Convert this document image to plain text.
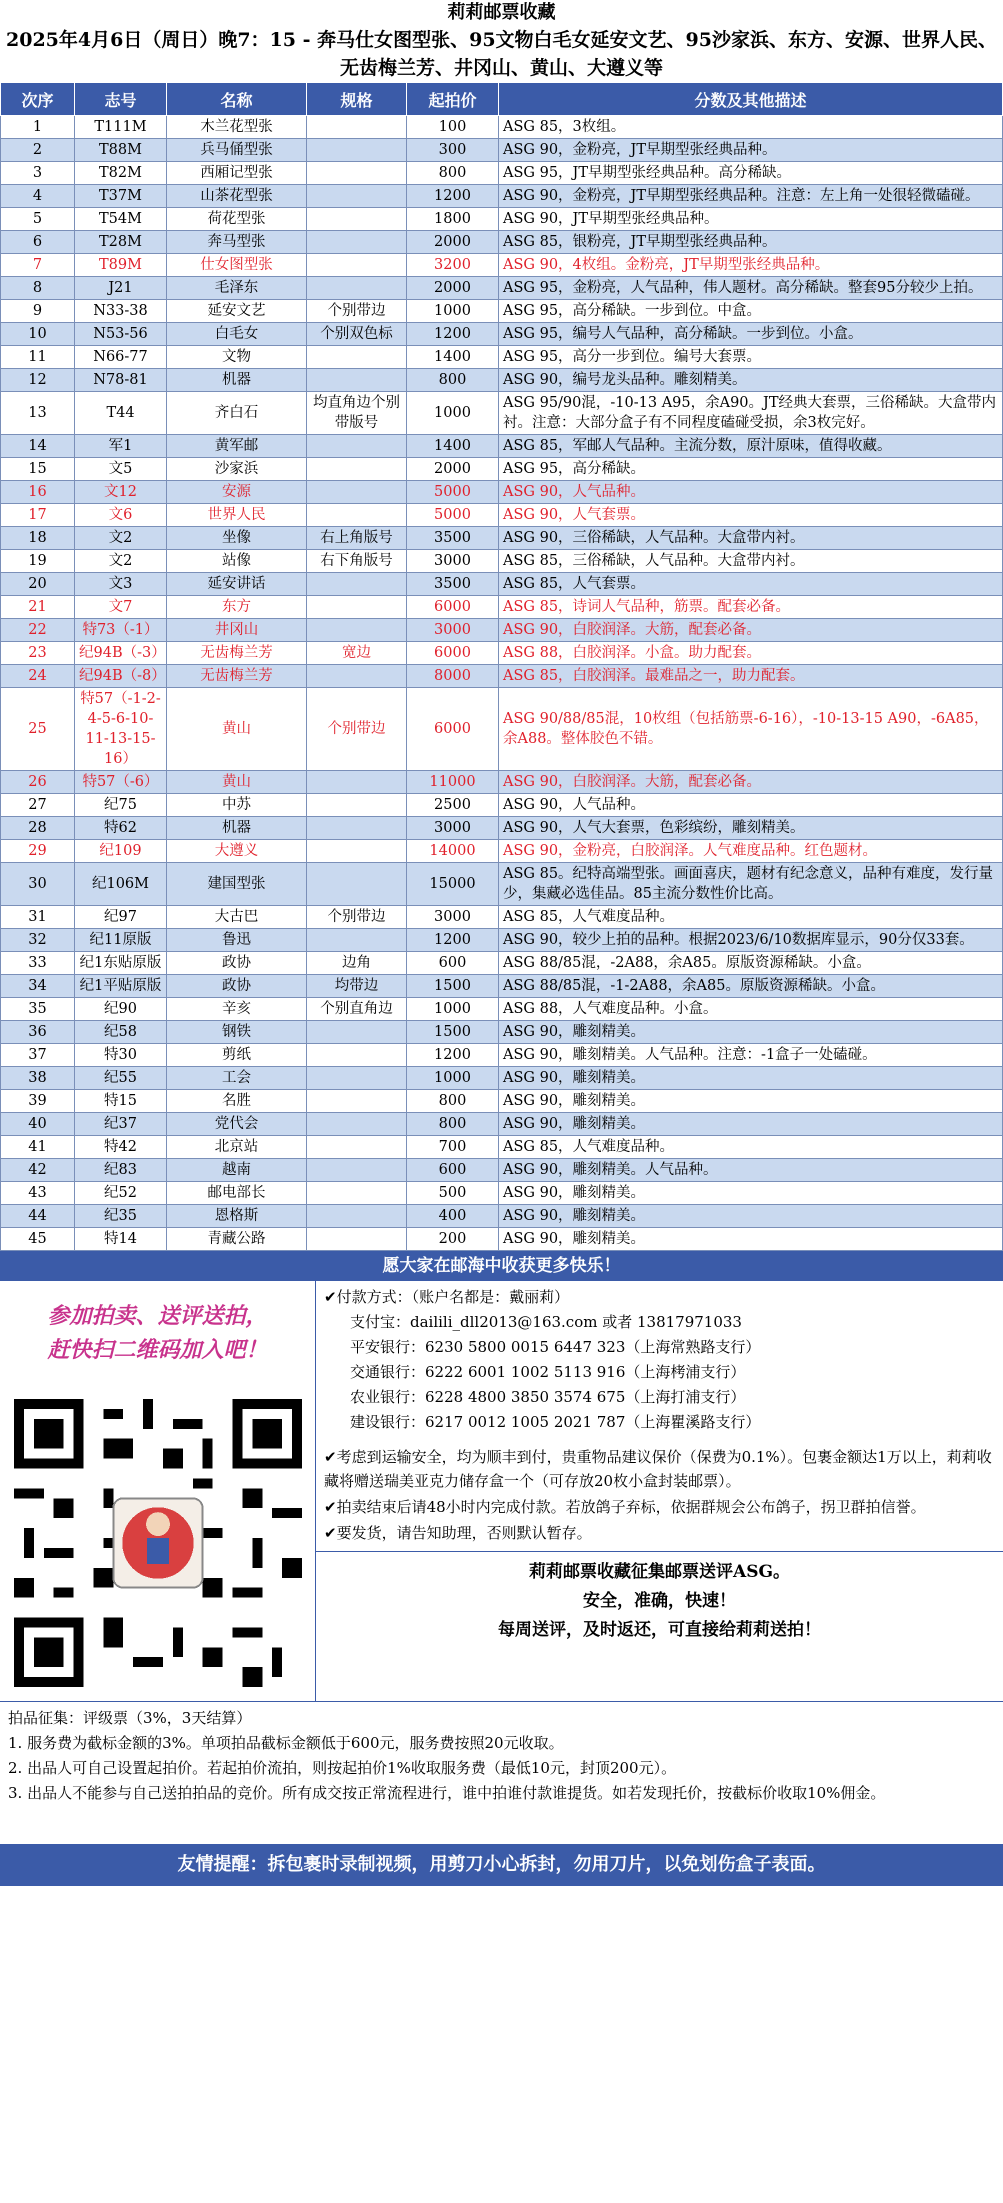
莉莉邮票收藏
2025年4月6日（周日）晚7：15 - 奔马仕女图型张、95文物白毛女延安文艺、95沙家浜、东方、安源、世界人民、无齿梅兰芳、井冈山、黄山、大遵义等
次序	志号	名称	规格	起拍价	分数及其他描述
1	T111M	木兰花型张		100	ASG 85，3枚组。
2	T88M	兵马俑型张		300	ASG 90，金粉亮，JT早期型张经典品种。
3	T82M	西厢记型张		800	ASG 95，JT早期型张经典品种。高分稀缺。
4	T37M	山茶花型张		1200	ASG 90，金粉亮，JT早期型张经典品种。注意：左上角一处很轻微磕碰。
5	T54M	荷花型张		1800	ASG 90，JT早期型张经典品种。
6	T28M	奔马型张		2000	ASG 85，银粉亮，JT早期型张经典品种。
7	T89M	仕女图型张		3200	ASG 90，4枚组。金粉亮，JT早期型张经典品种。
8	J21	毛泽东		2000	ASG 95，金粉亮，人气品种，伟人题材。高分稀缺。整套95分较少上拍。
9	N33-38	延安文艺	个别带边	1000	ASG 95，高分稀缺。一步到位。中盒。
10	N53-56	白毛女	个别双色标	1200	ASG 95，编号人气品种，高分稀缺。一步到位。小盒。
11	N66-77	文物		1400	ASG 95，高分一步到位。编号大套票。
12	N78-81	机器		800	ASG 90，编号龙头品种。雕刻精美。
13	T44	齐白石	均直角边个别带版号	1000	ASG 95/90混，-10-13 A95，余A90。JT经典大套票，三俗稀缺。大盒带内衬。注意：大部分盒子有不同程度磕碰受损，余3枚完好。
14	军1	黄军邮		1400	ASG 85，军邮人气品种。主流分数，原汁原味，值得收藏。
15	文5	沙家浜		2000	ASG 95，高分稀缺。
16	文12	安源		5000	ASG 90，人气品种。
17	文6	世界人民		5000	ASG 90，人气套票。
18	文2	坐像	右上角版号	3500	ASG 90，三俗稀缺，人气品种。大盒带内衬。
19	文2	站像	右下角版号	3000	ASG 85，三俗稀缺，人气品种。大盒带内衬。
20	文3	延安讲话		3500	ASG 85，人气套票。
21	文7	东方		6000	ASG 85，诗词人气品种，筋票。配套必备。
22	特73（-1）	井冈山		3000	ASG 90，白胶润泽。大筋，配套必备。
23	纪94B（-3）	无齿梅兰芳	宽边	6000	ASG 88，白胶润泽。小盒。助力配套。
24	纪94B（-8）	无齿梅兰芳		8000	ASG 85，白胶润泽。最难品之一，助力配套。
25	特57（-1-2-4-5-6-10-11-13-15-16）	黄山	个别带边	6000	ASG 90/88/85混，10枚组（包括筋票-6-16），-10-13-15 A90，-6A85，余A88。整体胶色不错。
26	特57（-6）	黄山		11000	ASG 90，白胶润泽。大筋，配套必备。
27	纪75	中苏		2500	ASG 90，人气品种。
28	特62	机器		3000	ASG 90，人气大套票，色彩缤纷，雕刻精美。
29	纪109	大遵义		14000	ASG 90，金粉亮，白胶润泽。人气难度品种。红色题材。
30	纪106M	建国型张		15000	ASG 85。纪特高端型张。画面喜庆，题材有纪念意义，品种有难度，发行量少，集藏必选佳品。85主流分数性价比高。
31	纪97	大古巴	个别带边	3000	ASG 85，人气难度品种。
32	纪11原版	鲁迅		1200	ASG 90，较少上拍的品种。根据2023/6/10数据库显示，90分仅33套。
33	纪1东贴原版	政协	边角	600	ASG 88/85混，-2A88，余A85。原版资源稀缺。小盒。
34	纪1平贴原版	政协	均带边	1500	ASG 88/85混，-1-2A88，余A85。原版资源稀缺。小盒。
35	纪90	辛亥	个别直角边	1000	ASG 88，人气难度品种。小盒。
36	纪58	钢铁		1500	ASG 90，雕刻精美。
37	特30	剪纸		1200	ASG 90，雕刻精美。人气品种。注意：-1盒子一处磕碰。
38	纪55	工会		1000	ASG 90，雕刻精美。
39	特15	名胜		800	ASG 90，雕刻精美。
40	纪37	党代会		800	ASG 90，雕刻精美。
41	特42	北京站		700	ASG 85，人气难度品种。
42	纪83	越南		600	ASG 90，雕刻精美。人气品种。
43	纪52	邮电部长		500	ASG 90，雕刻精美。
44	纪35	恩格斯		400	ASG 90，雕刻精美。
45	特14	青藏公路		200	ASG 90，雕刻精美。
愿大家在邮海中收获更多快乐！
参加拍卖、送评送拍，
赶快扫二维码加入吧！
✔付款方式：（账户名都是：戴丽莉）
支付宝：dailili_dll2013@163.com 或者 13817971033
平安银行：6230 5800 0015 6447 323（上海常熟路支行）
交通银行：6222 6001 1002 5113 916（上海栲浦支行）
农业银行：6228 4800 3850 3574 675（上海打浦支行）
建设银行：6217 0012 1005 2021 787（上海瞿溪路支行）
✔考虑到运输安全，均为顺丰到付，贵重物品建议保价（保费为0.1%）。包裹金额达1万以上，莉莉收藏将赠送瑞美亚克力储存盒一个（可存放20枚小盒封装邮票）。
✔拍卖结束后请48小时内完成付款。若放鸽子弃标，依据群规会公布鸽子，拐卫群拍信誉。
✔要发货，请告知助理，否则默认暂存。
莉莉邮票收藏征集邮票送评ASG。
安全，准确，快速！
每周送评，及时返还，可直接给莉莉送拍！
拍品征集：评级票（3%，3天结算）
1. 服务费为截标金额的3%。单项拍品截标金额低于600元，服务费按照20元收取。
2. 出品人可自己设置起拍价。若起拍价流拍，则按起拍价1%收取服务费（最低10元，封顶200元）。
3. 出品人不能参与自己送拍拍品的竞价。所有成交按正常流程进行，谁中拍谁付款谁提货。如若发现托价，按截标价收取10%佣金。
友情提醒：拆包裹时录制视频，用剪刀小心拆封，勿用刀片，以免划伤盒子表面。
